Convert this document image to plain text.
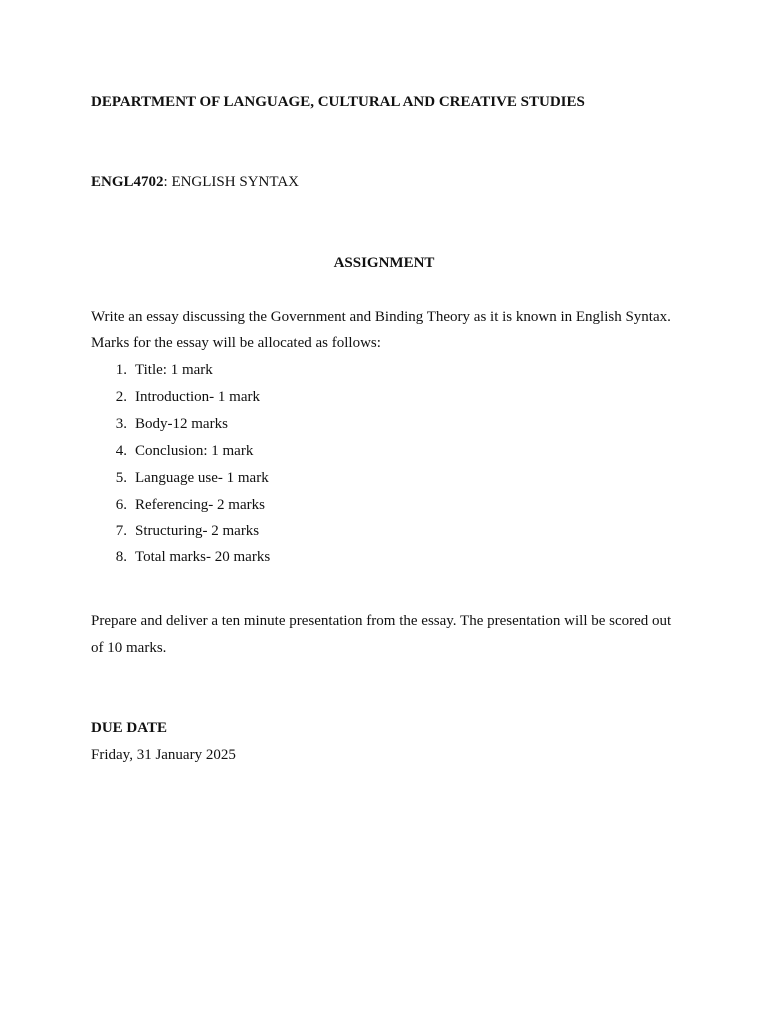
DEPARTMENT OF LANGUAGE, CULTURAL AND CREATIVE STUDIES
ENGL4702: ENGLISH SYNTAX
ASSIGNMENT
Write an essay discussing the Government and Binding Theory as it is known in English Syntax.
Marks for the essay will be allocated as follows:
1. Title: 1 mark
2. Introduction- 1 mark
3. Body-12 marks
4. Conclusion: 1 mark
5. Language use- 1 mark
6. Referencing- 2 marks
7. Structuring- 2 marks
8. Total marks- 20 marks
Prepare and deliver a ten minute presentation from the essay. The presentation will be scored out
of 10 marks.
DUE DATE
Friday, 31 January 2025
